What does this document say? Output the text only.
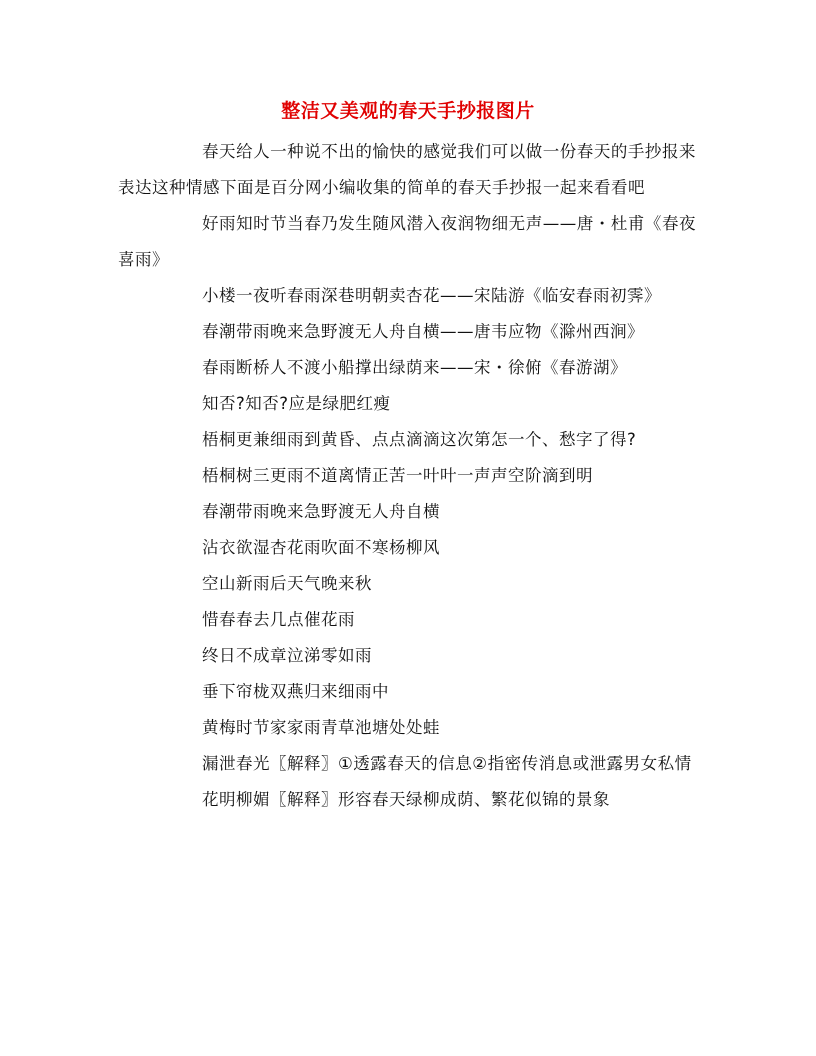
整洁又美观的春天手抄报图片

春天给人一种说不出的愉快的感觉我们可以做一份春天的手抄报来表达这种情感下面是百分网小编收集的简单的春天手抄报一起来看看吧

好雨知时节当春乃发生随风潜入夜润物细无声——唐・杜甫《春夜喜雨》

小楼一夜听春雨深巷明朝卖杏花——宋陆游《临安春雨初霁》

春潮带雨晚来急野渡无人舟自横——唐韦应物《滁州西涧》

春雨断桥人不渡小船撑出绿荫来——宋・徐俯《春游湖》

知否?知否?应是绿肥红瘦

梧桐更兼细雨到黄昏、点点滴滴这次第怎一个、愁字了得?

梧桐树三更雨不道离情正苦一叶叶一声声空阶滴到明

春潮带雨晚来急野渡无人舟自横

沾衣欲湿杏花雨吹面不寒杨柳风

空山新雨后天气晚来秋

惜春春去几点催花雨

终日不成章泣涕零如雨

垂下帘栊双燕归来细雨中

黄梅时节家家雨青草池塘处处蛙

漏泄春光〖解释〗①透露春天的信息②指密传消息或泄露男女私情

花明柳媚〖解释〗形容春天绿柳成荫、繁花似锦的景象
